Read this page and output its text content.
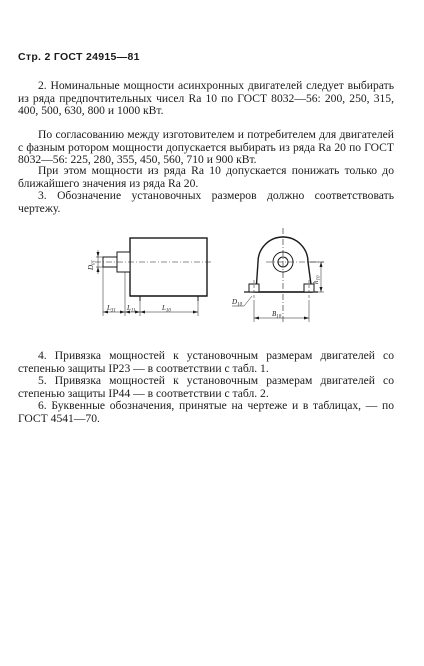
Стр. 2 ГОСТ 24915—81

2. Номинальные мощности асинхронных двигателей следует выбирать из ряда предпочтительных чисел Ra 10 по ГОСТ 8032—56: 200, 250, 315, 400, 500, 630, 800 и 1000 кВт.

По согласованию между изготовителем и потребителем для двигателей с фазным ротором мощности допускается выбирать из ряда Ra 20 по ГОСТ 8032—56: 225, 280, 355, 450, 560, 710 и 900 кВт.

При этом мощности из ряда Ra 10 допускается понижать только до ближайшего значения из ряда Ra 20.

3. Обозначение установочных размеров должно соответствовать чертежу.

$D_{01}$
$L_{31}$ $L_{11}$	$L_{10}$
$h_{10}$
$B_{10}$
$D_{10}$

4. Привязка мощностей к установочным размерам двигателей со степенью защиты IP23 — в соответствии с табл. 1.

5. Привязка мощностей к установочным размерам двигателей со степенью защиты IP44 — в соответствии с табл. 2.

6. Буквенные обозначения, принятые на чертеже и в таблицах, — по ГОСТ 4541—70.
